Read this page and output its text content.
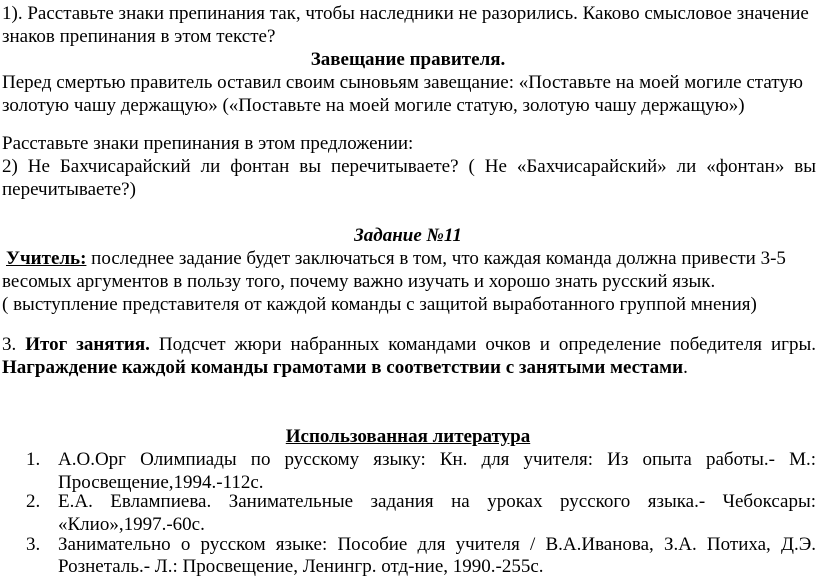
1). Расставьте знаки препинания так, чтобы наследники не разорились. Каково смысловое значение
знаков препинания в этом тексте?
Завещание правителя.
Перед смертью правитель оставил своим сыновьям завещание: «Поставьте на моей могиле статую
золотую чашу держащую» («Поставьте на моей могиле статую, золотую чашу держащую»)
Расставьте знаки препинания в этом предложении:
2) Не Бахчисарайский ли фонтан вы перечитываете? ( Не «Бахчисарайский» ли «фонтан» вы
перечитываете?)
Задание №11
Учитель: последнее задание будет заключаться в том, что каждая команда должна привести 3-5
весомых аргументов в пользу того, почему важно изучать и хорошо знать русский язык.
( выступление представителя от каждой команды с защитой выработанного группой мнения)
3. Итог занятия. Подсчет жюри набранных командами очков и определение победителя игры.
Награждение каждой команды грамотами в соответствии с занятыми местами.
Использованная литература
1. А.О.Орг Олимпиады по русскому языку: Кн. для учителя: Из опыта работы.- М.:
Просвещение,1994.-112с.
2. Е.А. Евлампиева. Занимательные задания на уроках русского языка.- Чебоксары:
«Клио»,1997.-60с.
3. Занимательно о русском языке: Пособие для учителя / В.А.Иванова, З.А. Потиха, Д.Э.
Рознеталь.- Л.: Просвещение, Ленингр. отд-ние, 1990.-255с.
